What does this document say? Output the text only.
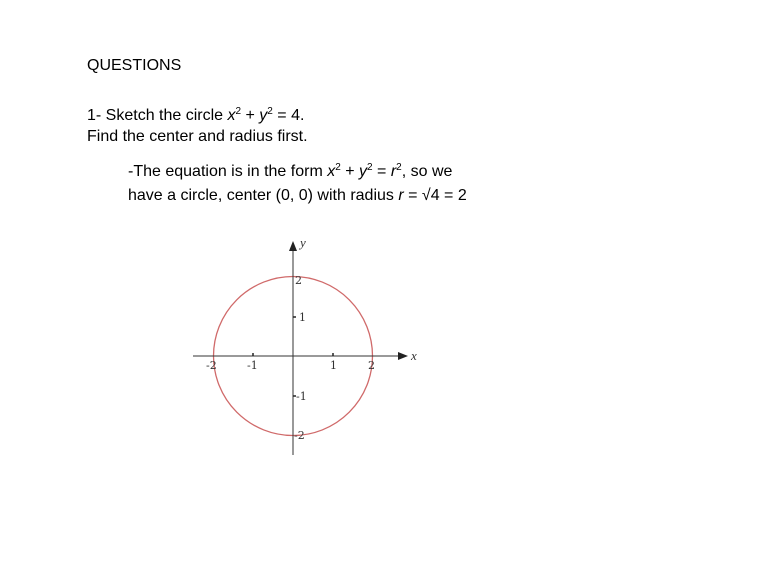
QUESTIONS
1- Sketch the circle $x^2 + y^2 = 4$.
Find the center and radius first.
-The equation is in the form $x^2 + y^2 = r^2$, so we
have a circle, center (0, 0) with radius r = √4 = 2
x
y
-2	-1	1	2
2
1
-1
-2
